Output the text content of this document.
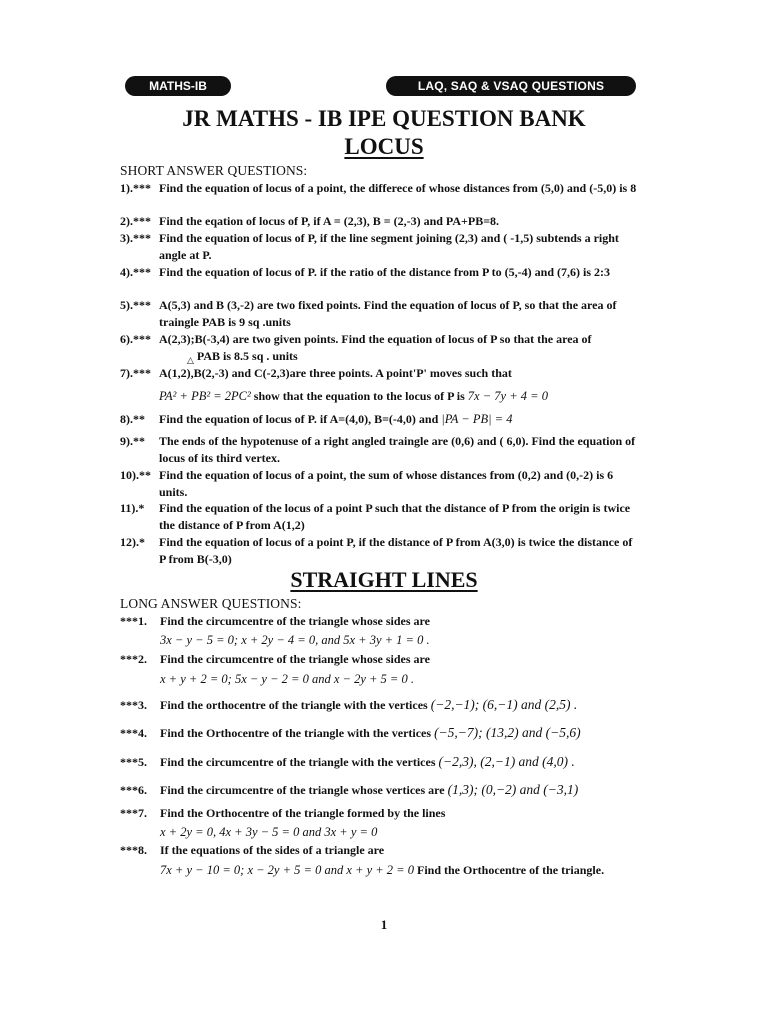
MATHS-IB	LAQ, SAQ & VSAQ QUESTIONS
JR MATHS - IB IPE QUESTION BANK
LOCUS
SHORT ANSWER QUESTIONS:
1).*** Find the equation of locus of a point, the differece of whose distances from (5,0) and (-5,0) is 8
2).*** Find the eqation of locus of P, if A = (2,3), B = (2,-3) and PA+PB=8.
3).*** Find the equation of locus of P, if the line segment joining (2,3) and ( -1,5) subtends a right angle at P.
4).*** Find the equation of locus of P. if the ratio of the distance from P to (5,-4) and (7,6) is 2:3
5).*** A(5,3) and B (3,-2) are two fixed points. Find the equation of locus of P, so that the area of traingle PAB is 9 sq .units
6).*** A(2,3);B(-3,4) are two given points. Find the equation of locus of P so that the area of
$_\triangle$ PAB is 8.5 sq . units
7).*** A(1,2),B(2,-3) and C(-2,3)are three points. A point'P' moves such that
PA² + PB² = 2PC² show that the equation to the locus of P is 7x − 7y + 4 = 0
8).** Find the equation of locus of P. if A=(4,0), B=(-4,0) and |PA − PB| = 4
9).** The ends of the hypotenuse of a right angled traingle are (0,6) and ( 6,0). Find the equation of locus of its third vertex.
10).** Find the equation of locus of a point, the sum of whose distances from (0,2) and (0,-2) is 6 units.
11).* Find the equation of the locus of a point P such that the distance of P from the origin is twice the distance of P from A(1,2)
12).* Find the equation of locus of a point P, if the distance of P from A(3,0) is twice the distance of P from B(-3,0)
STRAIGHT LINES
LONG ANSWER QUESTIONS:
***1. Find the circumcentre of the triangle whose sides are
3x − y − 5 = 0; x + 2y − 4 = 0, and 5x + 3y + 1 = 0 .
***2. Find the circumcentre of the triangle whose sides are
x + y + 2 = 0; 5x − y − 2 = 0 and x − 2y + 5 = 0 .
***3. Find the orthocentre of the triangle with the vertices (−2,−1); (6,−1) and (2,5) .
***4. Find the Orthocentre of the triangle with the vertices (−5,−7); (13,2) and (−5,6)
***5. Find the circumcentre of the triangle with the vertices (−2,3), (2,−1) and (4,0) .
***6. Find the circumcentre of the triangle whose vertices are (1,3); (0,−2) and (−3,1)
***7. Find the Orthocentre of the triangle formed by the lines
x + 2y = 0, 4x + 3y − 5 = 0 and 3x + y = 0
***8. If the equations of the sides of a triangle are
7x + y − 10 = 0; x − 2y + 5 = 0 and x + y + 2 = 0 Find the Orthocentre of the triangle.
1
